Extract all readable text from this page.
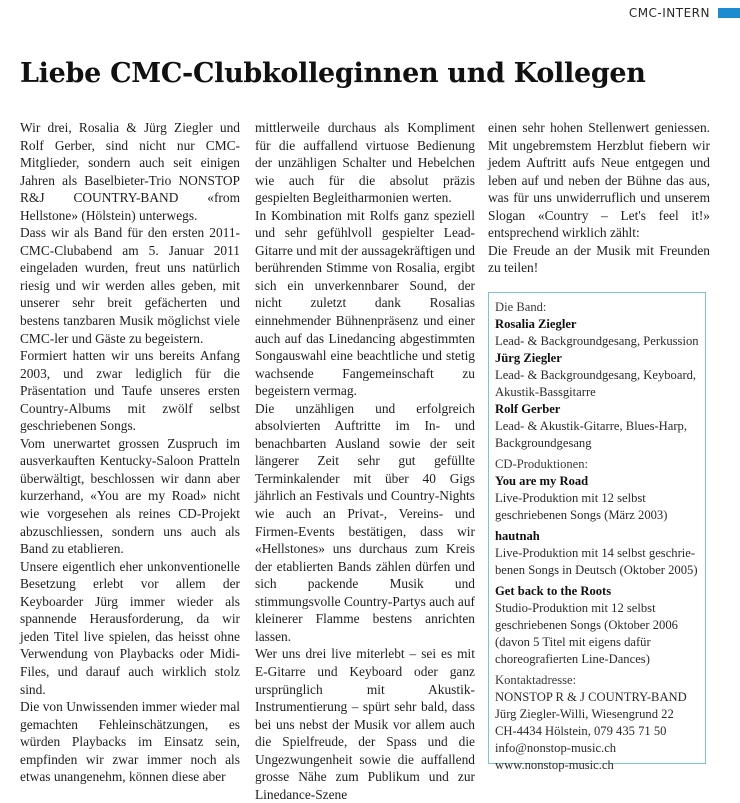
CMC-INTERN
Liebe CMC-Clubkolleginnen und Kollegen

Wir drei, Rosalia & Jürg Ziegler und Rolf Gerber, sind nicht nur CMC-Mitglieder, sondern auch seit einigen Jahren als Baselbieter-Trio NONSTOP R&J COUNTRY-BAND «from Hellstone» (Hölstein) unterwegs.

Dass wir als Band für den ersten 2011-CMC-Clubabend am 5. Januar 2011 eingeladen wurden, freut uns natürlich riesig und wir werden alles geben, mit unserer sehr breit gefächerten und bestens tanzbaren Musik möglichst viele CMC-ler und Gäste zu begeistern.

Formiert hatten wir uns bereits Anfang 2003, und zwar lediglich für die Präsentation und Taufe unseres ersten Country-Albums mit zwölf selbst geschriebenen Songs.

Vom unerwartet grossen Zuspruch im ausverkauften Kentucky-Saloon Pratteln überwältigt, beschlossen wir dann aber kurzerhand, «You are my Road» nicht wie vorgesehen als reines CD-Projekt abzuschliessen, sondern uns auch als Band zu etablieren.

Unsere eigentlich eher unkonventionelle Besetzung erlebt vor allem der Keyboarder Jürg immer wieder als spannende Herausforderung, da wir jeden Titel live spielen, das heisst ohne Verwendung von Playbacks oder Midi-Files, und darauf auch wirklich stolz sind.

Die von Unwissenden immer wieder mal gemachten Fehleinschätzungen, es würden Playbacks im Einsatz sein, empfinden wir zwar immer noch als etwas unangenehm, können diese aber

mittlerweile durchaus als Kompliment für die auffallend virtuose Bedienung der unzähligen Schalter und Hebelchen wie auch für die absolut präzis gespielten Begleitharmonien werten.

In Kombination mit Rolfs ganz speziell und sehr gefühlvoll gespielter Lead-Gitarre und mit der aussagekräftigen und berührenden Stimme von Rosalia, ergibt sich ein unverkennbarer Sound, der nicht zuletzt dank Rosalias einnehmender Bühnenpräsenz und einer auch auf das Linedancing abgestimmten Songauswahl eine beachtliche und stetig wachsende Fangemeinschaft zu begeistern vermag.

Die unzähligen und erfolgreich absolvierten Auftritte im In- und benachbarten Ausland sowie der seit längerer Zeit sehr gut gefüllte Terminkalender mit über 40 Gigs jährlich an Festivals und Country-Nights wie auch an Privat-, Vereins- und Firmen-Events bestätigen, dass wir «Hellstones» uns durchaus zum Kreis der etablierten Bands zählen dürfen und sich packende Musik und stimmungsvolle Country-Partys auch auf kleinerer Flamme bestens anrichten lassen.

Wer uns drei live miterlebt – sei es mit E-Gitarre und Keyboard oder ganz ursprünglich mit Akustik-Instrumentierung – spürt sehr bald, dass bei uns nebst der Musik vor allem auch die Spielfreude, der Spass und die Ungezwungenheit sowie die auffallend grosse Nähe zum Publikum und zur Linedance-Szene

einen sehr hohen Stellenwert geniessen. Mit ungebremstem Herzblut fiebern wir jedem Auftritt aufs Neue entgegen und leben auf und neben der Bühne das aus, was für uns unwiderruflich und unserem Slogan «Country – Let's feel it!» entsprechend wirklich zählt:

Die Freude an der Musik mit Freunden zu teilen!

Die Band:
Rosalia Ziegler
Lead- & Backgroundgesang, Perkussion
Jürg Ziegler
Lead- & Backgroundgesang, Keyboard,
Akustik-Bassgitarre
Rolf Gerber
Lead- & Akustik-Gitarre, Blues-Harp,
Backgroundgesang
CD-Produktionen:
You are my Road
Live-Produktion mit 12 selbst
geschriebenen Songs (März 2003)
hautnah
Live-Produktion mit 14 selbst geschrie-
benen Songs in Deutsch (Oktober 2005)
Get back to the Roots
Studio-Produktion mit 12 selbst
geschriebenen Songs (Oktober 2006
(davon 5 Titel mit eigens dafür
choreografierten Line-Dances)
Kontaktadresse:
NONSTOP R & J COUNTRY-BAND
Jürg Ziegler-Willi, Wiesengrund 22
CH-4434 Hölstein, 079 435 71 50
info@nonstop-music.ch
www.nonstop-music.ch
